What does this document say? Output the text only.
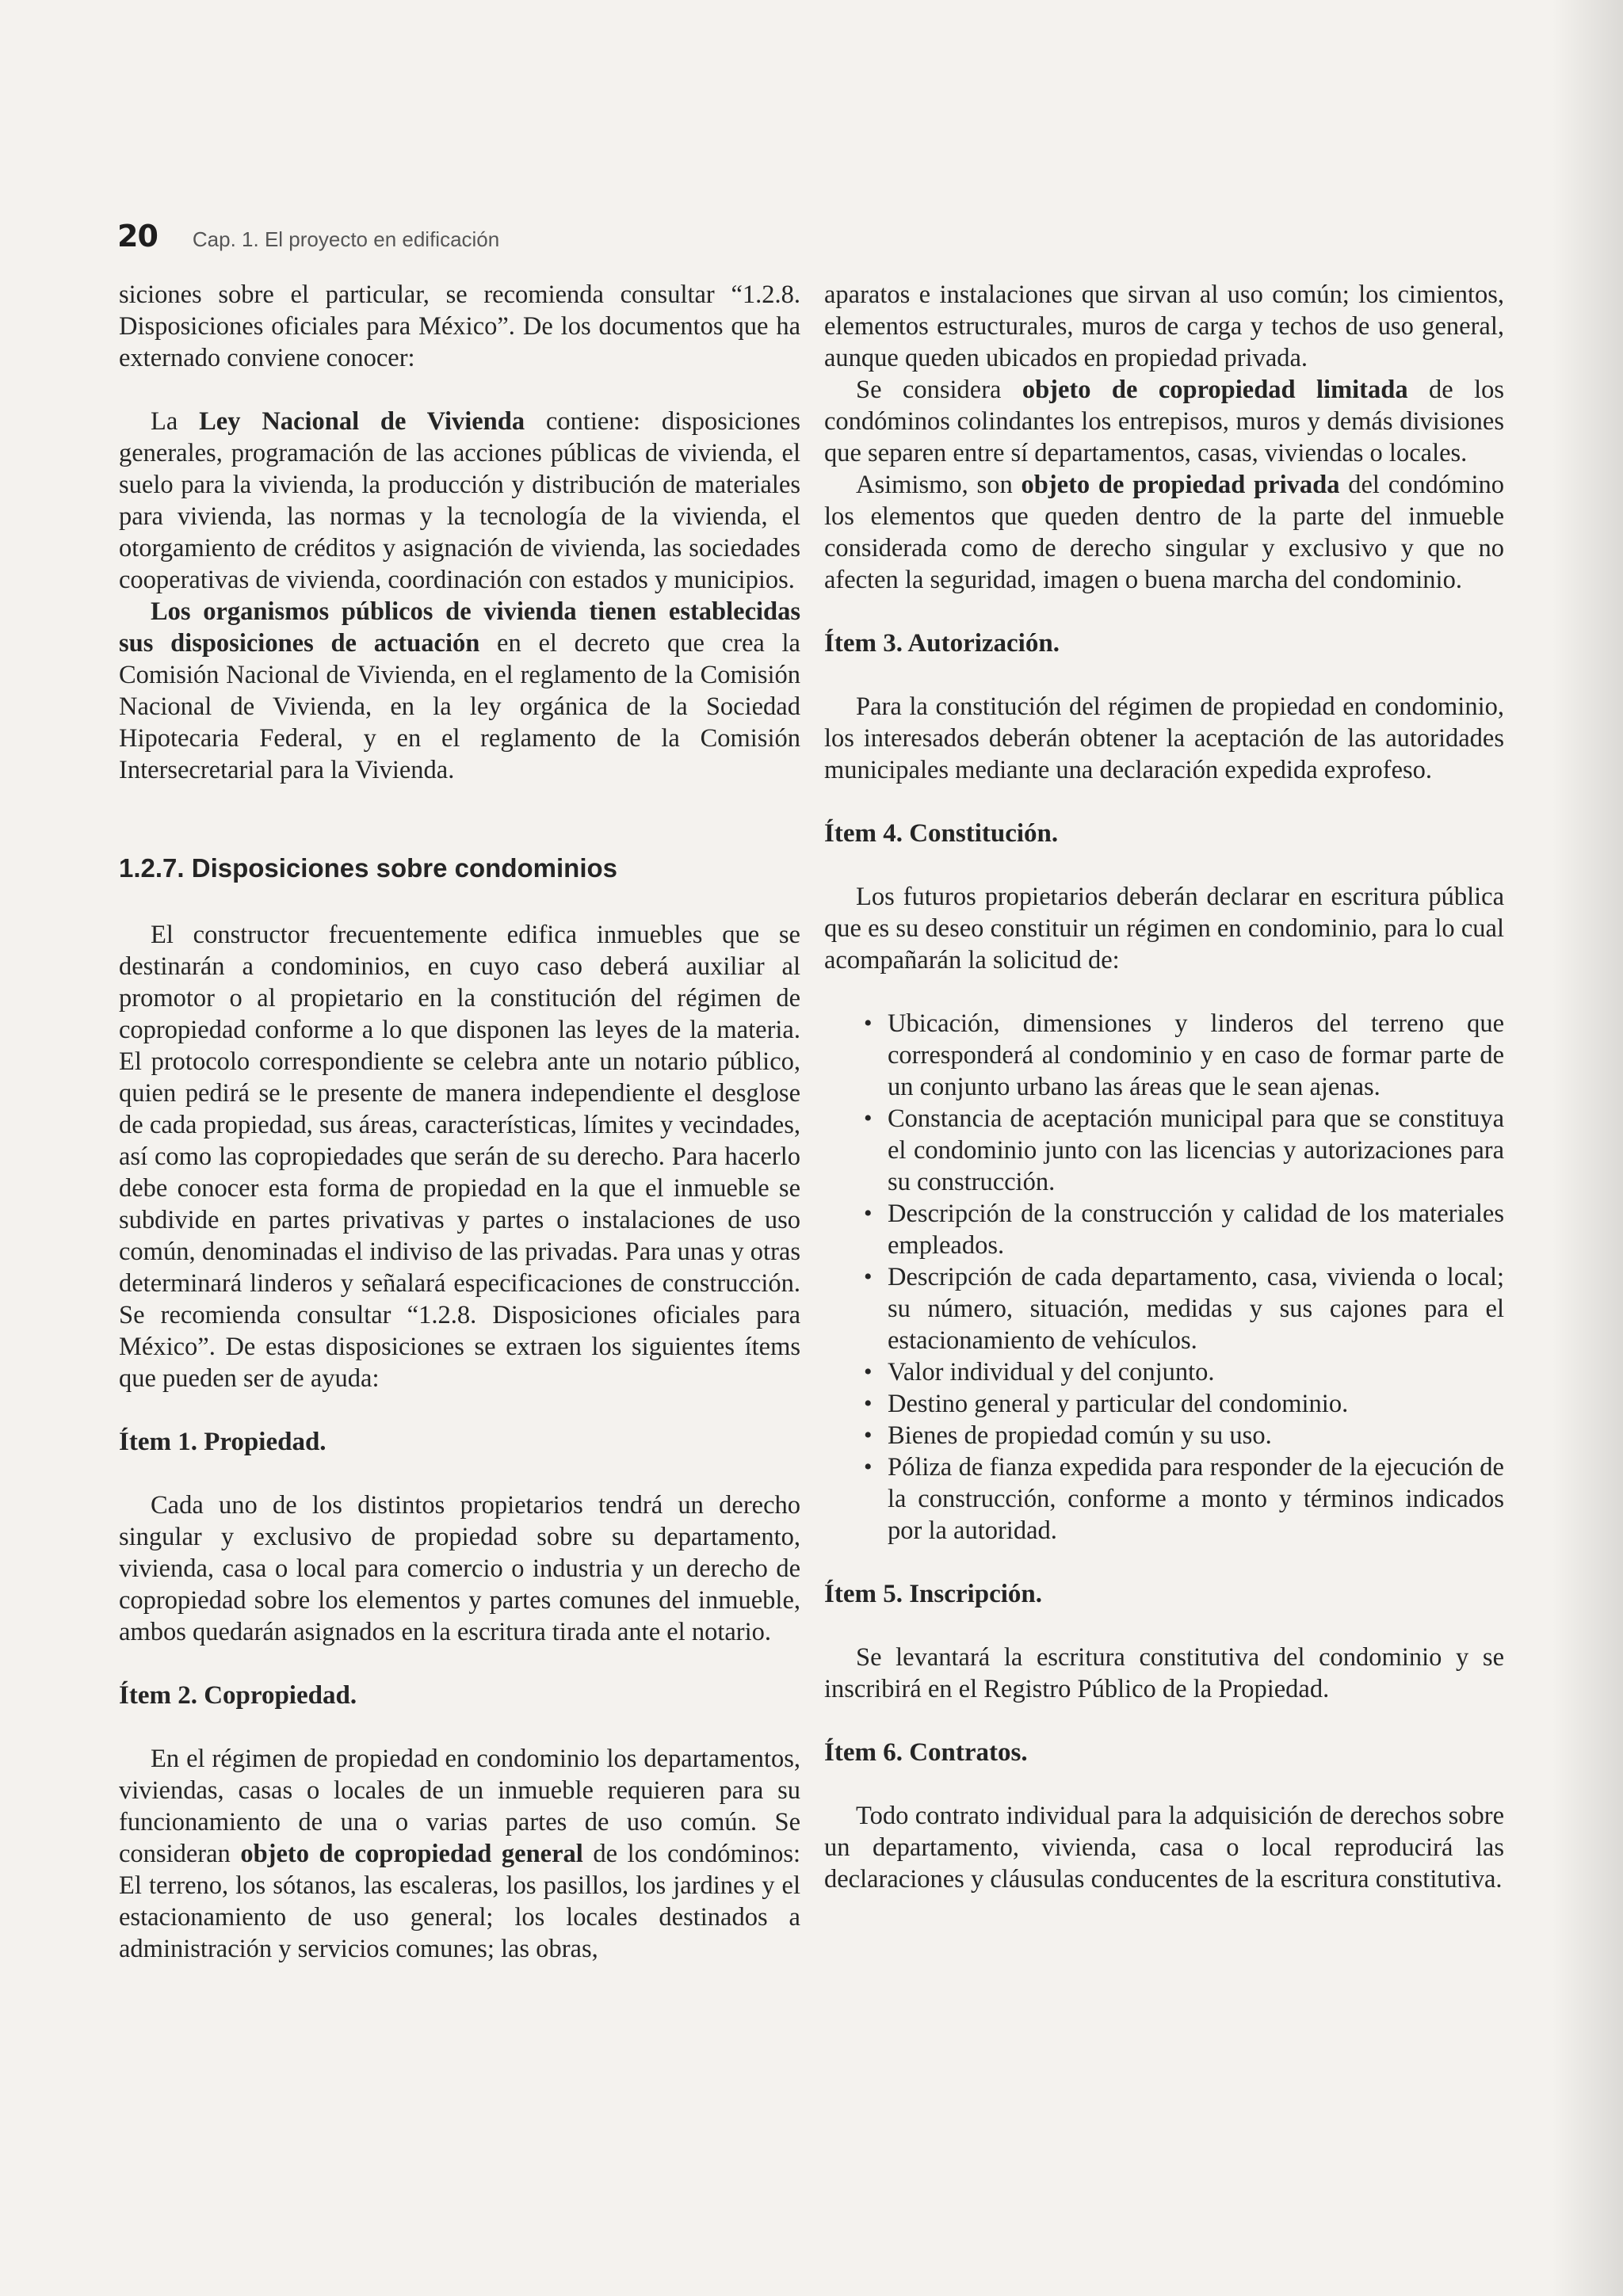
20 Cap. 1. El proyecto en edificación

siciones sobre el particular, se recomienda consultar “1.2.8. Disposiciones oficiales para México”. De los documentos que ha externado conviene conocer:

La Ley Nacional de Vivienda contiene: disposiciones generales, programación de las acciones públicas de vivienda, el suelo para la vivienda, la producción y distribución de materiales para vivienda, las normas y la tecnología de la vivienda, el otorgamiento de créditos y asignación de vivienda, las sociedades cooperativas de vivienda, coordinación con estados y municipios.

Los organismos públicos de vivienda tienen establecidas sus disposiciones de actuación en el decreto que crea la Comisión Nacional de Vivienda, en el reglamento de la Comisión Nacional de Vivienda, en la ley orgánica de la Sociedad Hipotecaria Federal, y en el reglamento de la Comisión Intersecretarial para la Vivienda.

1.2.7. Disposiciones sobre condominios

El constructor frecuentemente edifica inmuebles que se destinarán a condominios, en cuyo caso deberá auxiliar al promotor o al propietario en la constitución del régimen de copropiedad conforme a lo que disponen las leyes de la materia. El protocolo correspondiente se celebra ante un notario público, quien pedirá se le presente de manera independiente el desglose de cada propiedad, sus áreas, características, límites y vecindades, así como las copropiedades que serán de su derecho. Para hacerlo debe conocer esta forma de propiedad en la que el inmueble se subdivide en partes privativas y partes o instalaciones de uso común, denominadas el indiviso de las privadas. Para unas y otras determinará linderos y señalará especificaciones de construcción. Se recomienda consultar “1.2.8. Disposiciones oficiales para México”. De estas disposiciones se extraen los siguientes ítems que pueden ser de ayuda:

Ítem 1. Propiedad.

Cada uno de los distintos propietarios tendrá un derecho singular y exclusivo de propiedad sobre su departamento, vivienda, casa o local para comercio o industria y un derecho de copropiedad sobre los elementos y partes comunes del inmueble, ambos quedarán asignados en la escritura tirada ante el notario.

Ítem 2. Copropiedad.

En el régimen de propiedad en condominio los departamentos, viviendas, casas o locales de un inmueble requieren para su funcionamiento de una o varias partes de uso común. Se consideran objeto de copropiedad general de los condóminos: El terreno, los sótanos, las escaleras, los pasillos, los jardines y el estacionamiento de uso general; los locales destinados a administración y servicios comunes; las obras,

aparatos e instalaciones que sirvan al uso común; los cimientos, elementos estructurales, muros de carga y techos de uso general, aunque queden ubicados en propiedad privada.

Se considera objeto de copropiedad limitada de los condóminos colindantes los entrepisos, muros y demás divisiones que separen entre sí departamentos, casas, viviendas o locales.

Asimismo, son objeto de propiedad privada del condómino los elementos que queden dentro de la parte del inmueble considerada como de derecho singular y exclusivo y que no afecten la seguridad, imagen o buena marcha del condominio.

Ítem 3. Autorización.

Para la constitución del régimen de propiedad en condominio, los interesados deberán obtener la aceptación de las autoridades municipales mediante una declaración expedida exprofeso.

Ítem 4. Constitución.

Los futuros propietarios deberán declarar en escritura pública que es su deseo constituir un régimen en condominio, para lo cual acompañarán la solicitud de:

• Ubicación, dimensiones y linderos del terreno que corresponderá al condominio y en caso de formar parte de un conjunto urbano las áreas que le sean ajenas.
• Constancia de aceptación municipal para que se constituya el condominio junto con las licencias y autorizaciones para su construcción.
• Descripción de la construcción y calidad de los materiales empleados.
• Descripción de cada departamento, casa, vivienda o local; su número, situación, medidas y sus cajones para el estacionamiento de vehículos.
• Valor individual y del conjunto.
• Destino general y particular del condominio.
• Bienes de propiedad común y su uso.
• Póliza de fianza expedida para responder de la ejecución de la construcción, conforme a monto y términos indicados por la autoridad.
Ítem 5. Inscripción.

Se levantará la escritura constitutiva del condominio y se inscribirá en el Registro Público de la Propiedad.

Ítem 6. Contratos.

Todo contrato individual para la adquisición de derechos sobre un departamento, vivienda, casa o local reproducirá las declaraciones y cláusulas conducentes de la escritura constitutiva.
